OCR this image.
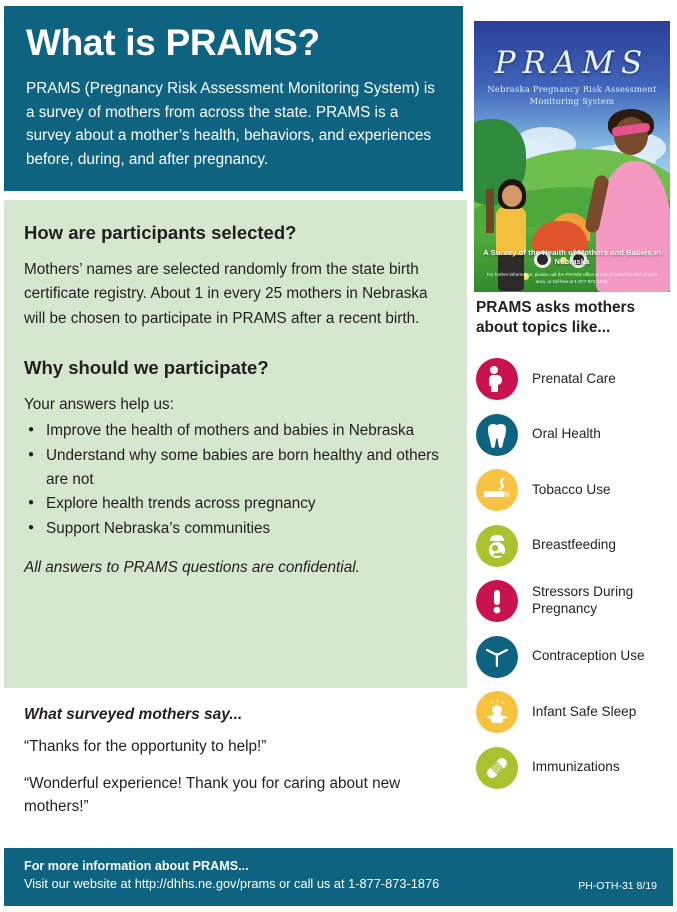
What is PRAMS?
PRAMS (Pregnancy Risk Assessment Monitoring System) is a survey of mothers from across the state. PRAMS is a survey about a mother’s health, behaviors, and experiences before, during, and after pregnancy.
PRAMS
Nebraska Pregnancy Risk Assessment Monitoring System
A Survey of the Health of Mothers and Babies in Nebraska
For further information, please call the PRAMS office at 402-471-0570 in the Lincoln area, or toll-free at 1-877-873-1876.
How are participants selected?

Mothers’ names are selected randomly from the state birth certificate registry. About 1 in every 25 mothers in Nebraska will be chosen to participate in PRAMS after a recent birth.

Why should we participate?

Your answers help us:

● Improve the health of mothers and babies in Nebraska
● Understand why some babies are born healthy and others are not
● Explore health trends across pregnancy
● Support Nebraska’s communities

All answers to PRAMS questions are confidential.

What surveyed mothers say...

“Thanks for the opportunity to help!”

“Wonderful experience! Thank you for caring about new mothers!”

PRAMS asks mothers about topics like...
Prenatal Care
Oral Health
Tobacco Use
Breastfeeding
Stressors During Pregnancy
Contraception Use
z z z
Infant Safe Sleep
Immunizations
For more information about PRAMS...
Visit our website at http://dhhs.ne.gov/prams or call us at 1-877-873-1876	PH-OTH-31 8/19
